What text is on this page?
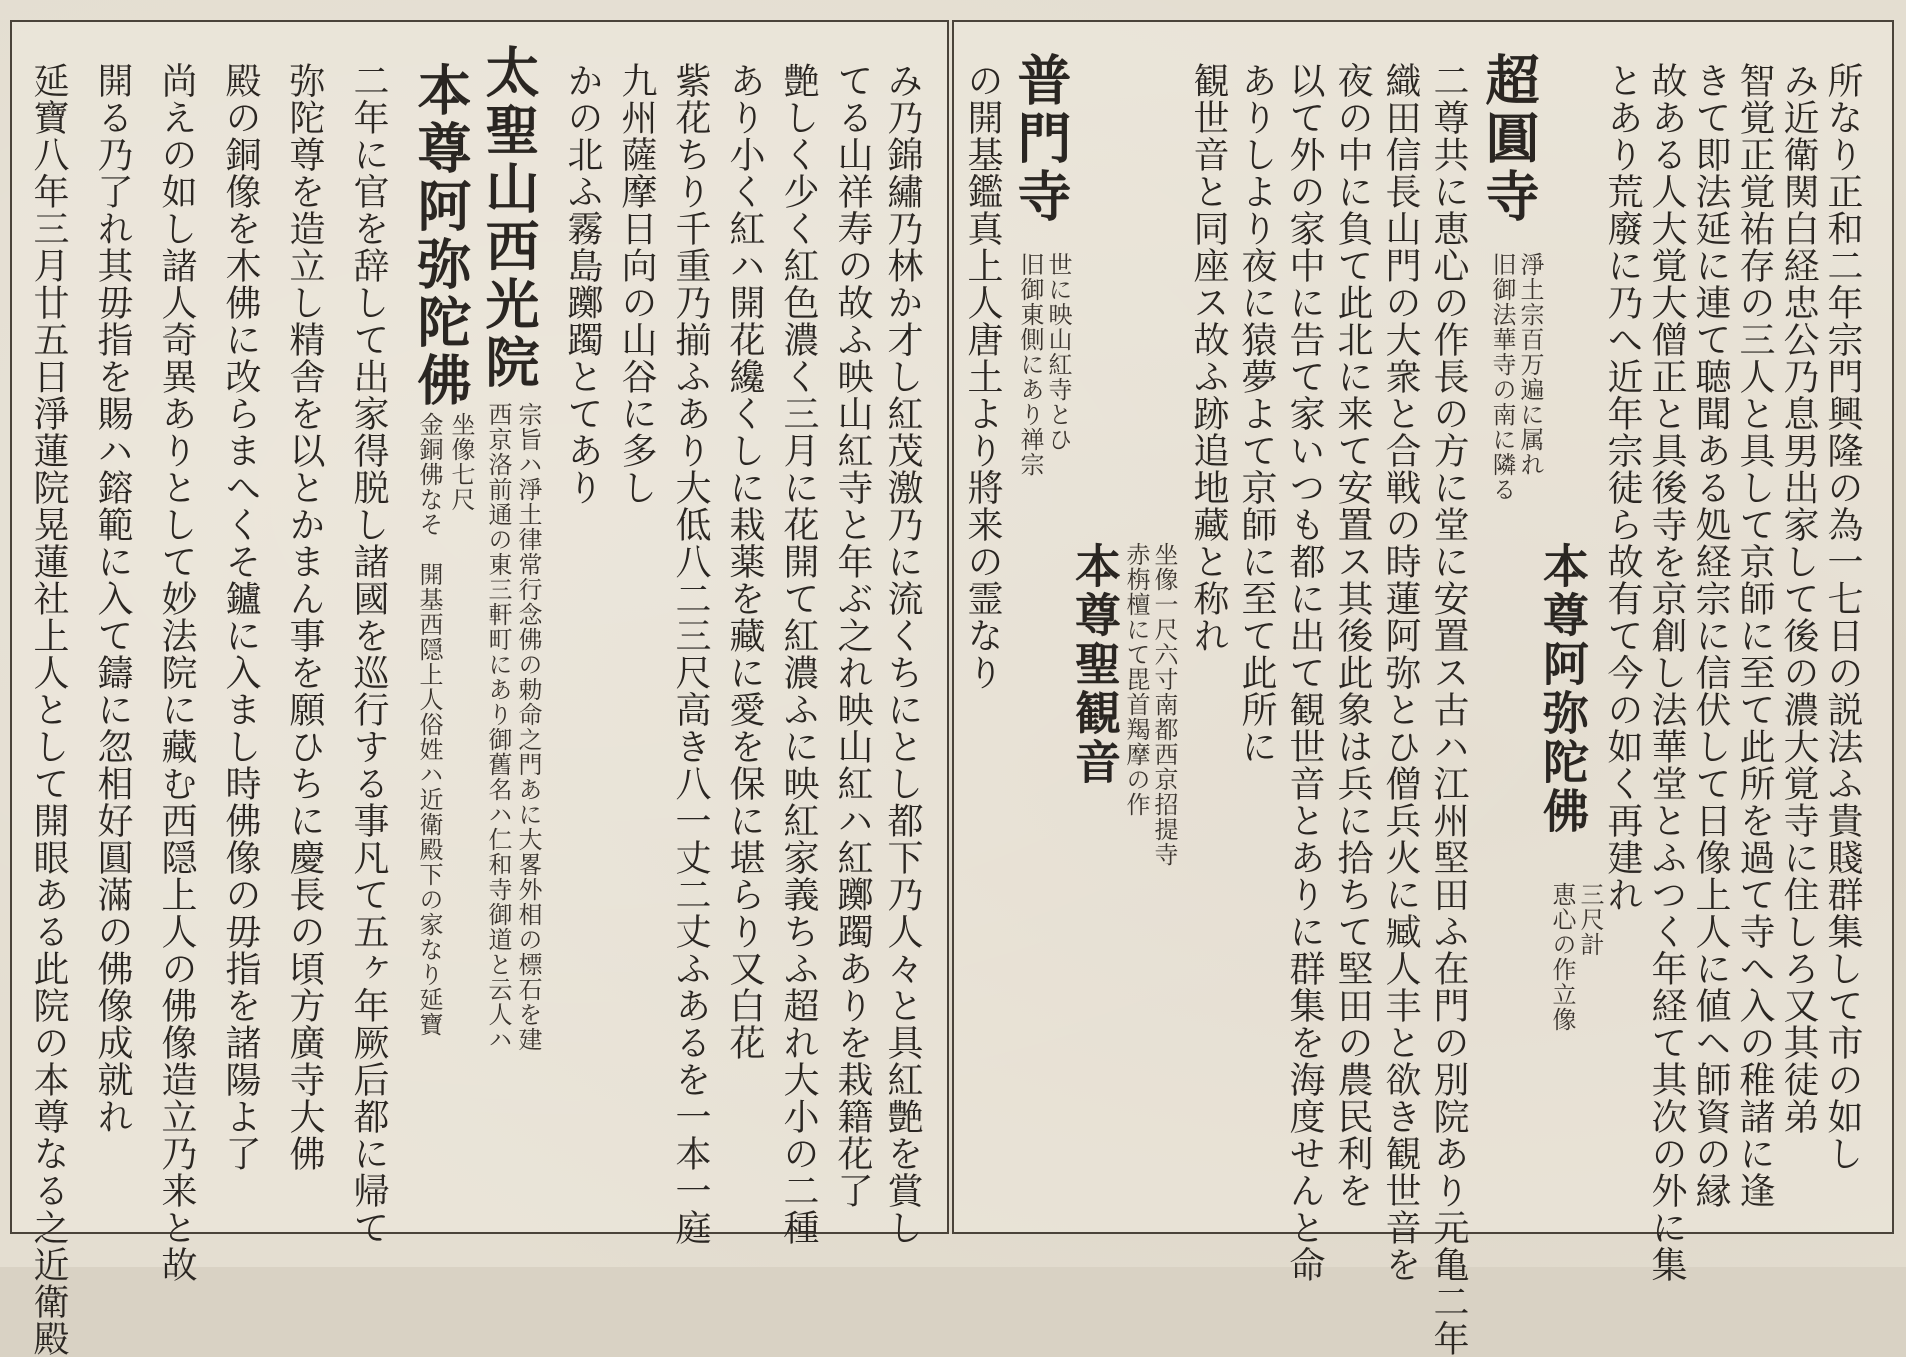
延寶八年三月廿五日淨蓮院晃蓮社上人として開眼ある此院の本尊なる之近衛殿 開る乃了れ其毋指を賜ハ鎔範に入て鑄に忽相好圓滿の佛像成就れ 尚えの如し諸人奇異ありとして妙法院に藏む西隠上人の佛像造立乃来と故 殿の銅像を木佛に改らまへくそ鑪に入まし時佛像の毋指を諸陽よ了 弥陀尊を造立し精舎を以とかまん事を願ひちに慶長の頃方廣寺大佛 二年に官を辞して出家得脱し諸國を巡行する事凡て五ヶ年厥后都に帰て 本尊阿弥陀佛
金銅佛なそ　開基西隠上人俗姓ハ近衛殿下の家なり延寶 坐像七尺
太聖山西光院
西京洛前通の東三軒町にあり御舊名ハ仁和寺御道と云人ハ 宗旨ハ淨土律常行念佛の勅命之門あに大畧外相の標石を建
かの北ふ霧島躑躅とてあり 九州薩摩日向の山谷に多し 紫花ちり千重乃揃ふあり大低八二三尺高き八一丈二丈ふあるを一本一庭 あり小く紅ハ開花纔くしに栽薬を藏に愛を保に堪らり又白花 艶しく少く紅色濃く三月に花開て紅濃ふに映紅家義ちふ超れ大小の二種 てる山祥寿の故ふ映山紅寺と年ぶ之れ映山紅ハ紅躑躅ありを栽籍花了 み乃錦繡乃林か才し紅茂激乃に流くちにとし都下乃人々と具紅艶を賞し の開基鑑真上人唐土より將来の霊なり 普門寺
旧御東側にあり禅宗 世に映山紅寺とひ
本尊聖観音 赤栴檀にて毘首羯摩の作 坐像一尺六寸南都西京招提寺
観世音と同座ス故ふ跡追地藏と称れ ありしより夜に猿夢よて京師に至て此所に 以て外の家中に告て家いつも都に出て観世音とありに群集を海度せんと命 夜の中に負て此北に来て安置ス其後此象は兵に拾ちて堅田の農民利を 織田信長山門の大衆と合戦の時蓮阿弥とひ僧兵火に臧人丰と欲き観世音を 二尊共に恵心の作長の方に堂に安置ス古ハ江州堅田ふ在門の別院あり元亀二年 超圓寺
旧御法華寺の南に隣る 淨土宗百万遍に属れ
本尊阿弥陀佛
恵心の作立像 三尺計
とあり荒廢に乃へ近年宗徒ら故有て今の如く再建れ 故ある人大覚大僧正と具後寺を京創し法華堂とふつく年経て其次の外に集 きて即法延に連て聴聞ある処経宗に信伏して日像上人に値ヘ師資の縁 智覚正覚祐存の三人と具して京師に至て此所を過て寺へ入の稚諸に逢 み近衛関白経忠公乃息男出家して後の濃大覚寺に住しろ又其徒弟 所なり正和二年宗門興隆の為一七日の説法ふ貴賤群集して市の如し
